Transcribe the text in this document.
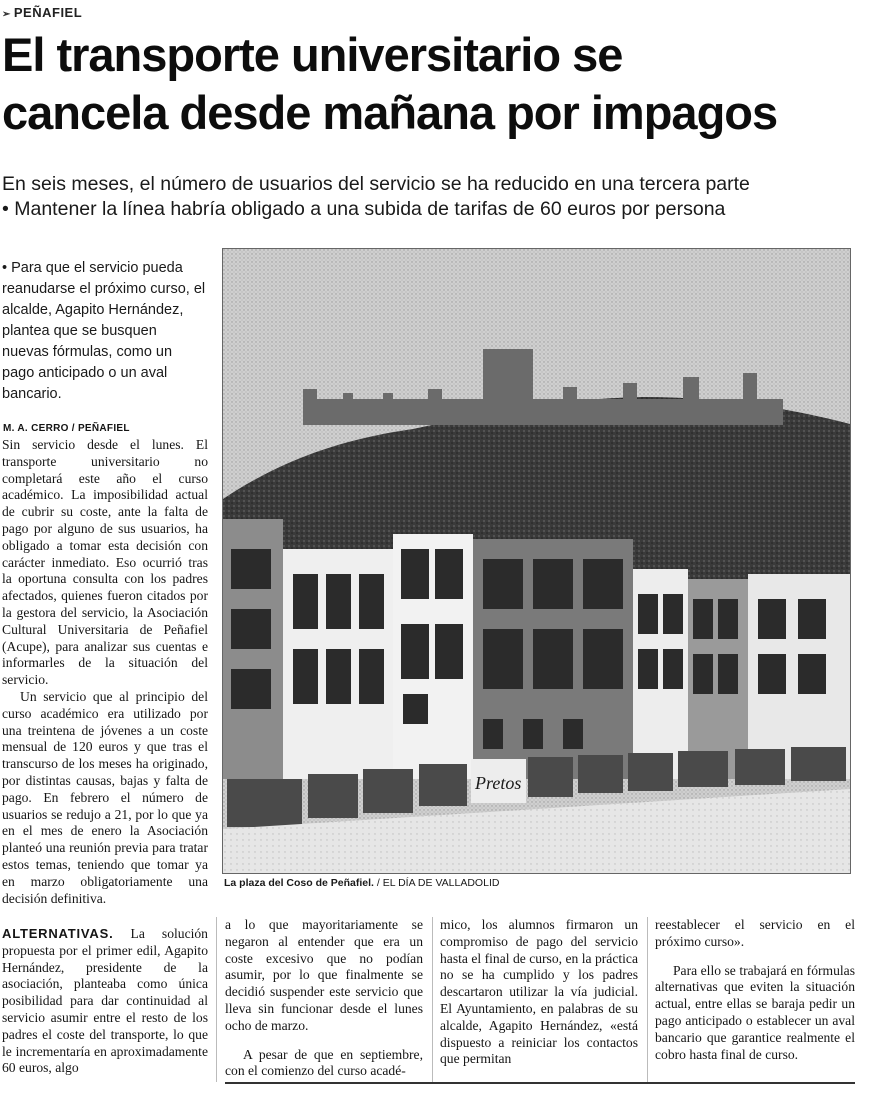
➢ PEÑAFIEL
El transporte universitario se
cancela desde mañana por impagos
En seis meses, el número de usuarios del servicio se ha reducido en una tercera parte
• Mantener la línea habría obligado a una subida de tarifas de 60 euros por persona
• Para que el servicio pueda reanudarse el próximo curso, el alcalde, Agapito Hernández, plantea que se busquen nuevas fórmulas, como un pago anticipado o un aval bancario.
M. A. CERRO / PEÑAFIEL

Sin servicio desde el lunes. El transporte universitario no completará este año el curso académico. La imposibilidad actual de cubrir su coste, ante la falta de pago por alguno de sus usuarios, ha obligado a tomar esta decisión con carácter inmediato. Eso ocurrió tras la oportuna consulta con los padres afectados, quienes fueron citados por la gestora del servicio, la Asociación Cultural Universitaria de Peñafiel (Acupe), para analizar sus cuentas e informarles de la situación del servicio.

Un servicio que al principio del curso académico era utilizado por una treintena de jóvenes a un coste mensual de 120 euros y que tras el transcurso de los meses ha originado, por distintas causas, bajas y falta de pago. En febrero el número de usuarios se redujo a 21, por lo que ya en el mes de enero la Asociación planteó una reunión previa para tratar estos temas, teniendo que tomar ya en marzo obligatoriamente una decisión definitiva.

ALTERNATIVAS. La solución propuesta por el primer edil, Agapito Hernández, presidente de la asociación, planteaba como única posibilidad para dar continuidad al servicio asumir entre el resto de los padres el coste del transporte, lo que le incrementaría en aproximadamente 60 euros, algo

a lo que mayoritariamente se negaron al entender que era un coste excesivo que no podían asumir, por lo que finalmente se decidió suspender este servicio que lleva sin funcionar desde el lunes ocho de marzo.

A pesar de que en septiembre, con el comienzo del curso acadé-

mico, los alumnos firmaron un compromiso de pago del servicio hasta el final de curso, en la práctica no se ha cumplido y los padres descartaron utilizar la vía judicial. El Ayuntamiento, en palabras de su alcalde, Agapito Hernández, «está dispuesto a reiniciar los contactos que permitan

reestablecer el servicio en el próximo curso».

Para ello se trabajará en fórmulas alternativas que eviten la situación actual, entre ellas se baraja pedir un pago anticipado o establecer un aval bancario que garantice realmente el cobro hasta final de curso.

Pretos
La plaza del Coso de Peñafiel. / EL DÍA DE VALLADOLID
